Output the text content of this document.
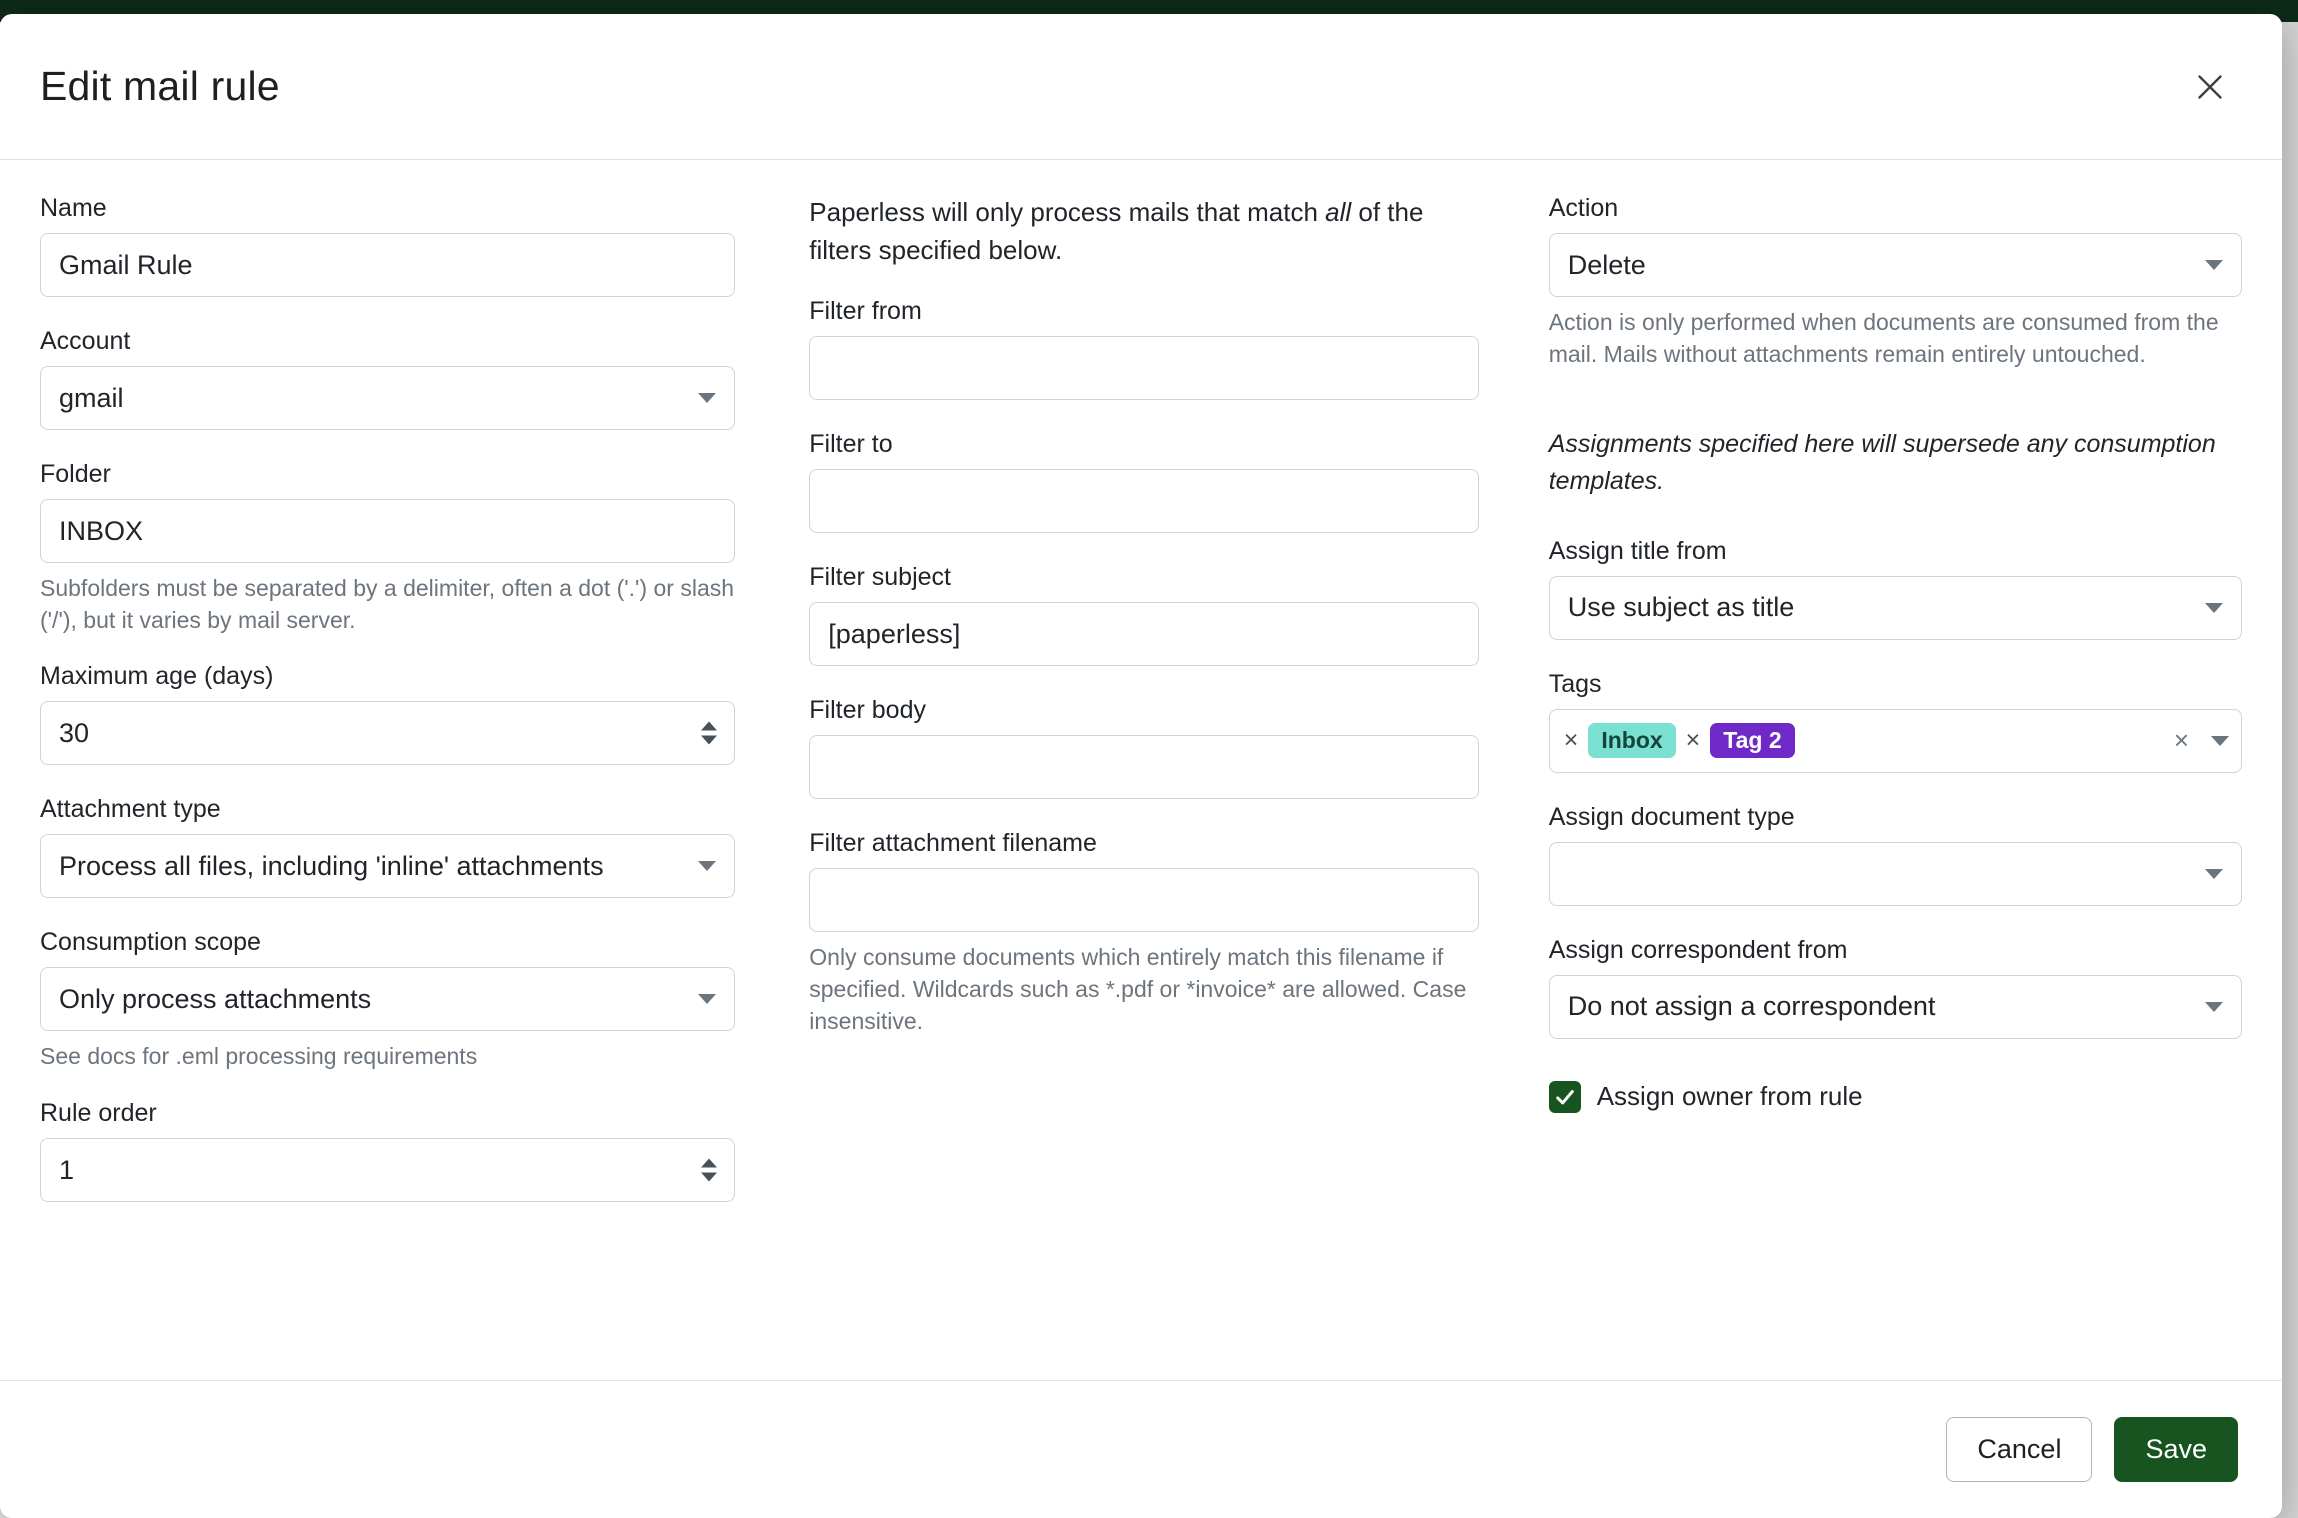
Edit mail rule
Name
Gmail Rule
Account
gmail
Folder
INBOX
Subfolders must be separated by a delimiter, often a dot ('.') or slash ('/'), but it varies by mail server.
Maximum age (days)
30
Attachment type
Process all files, including 'inline' attachments
Consumption scope
Only process attachments
See docs for .eml processing requirements
Rule order
1
Paperless will only process mails that match all of the filters specified below.
Filter from
Filter to
Filter subject
[paperless]
Filter body
Filter attachment filename
Only consume documents which entirely match this filename if specified. Wildcards such as *.pdf or *invoice* are allowed. Case insensitive.
Action
Delete
Action is only performed when documents are consumed from the mail. Mails without attachments remain entirely untouched.
Assignments specified here will supersede any consumption templates.
Assign title from
Use subject as title
Tags
×	Inbox ×	Tag 2	×
Assign document type
Assign correspondent from
Do not assign a correspondent
Assign owner from rule
Cancel	Save
